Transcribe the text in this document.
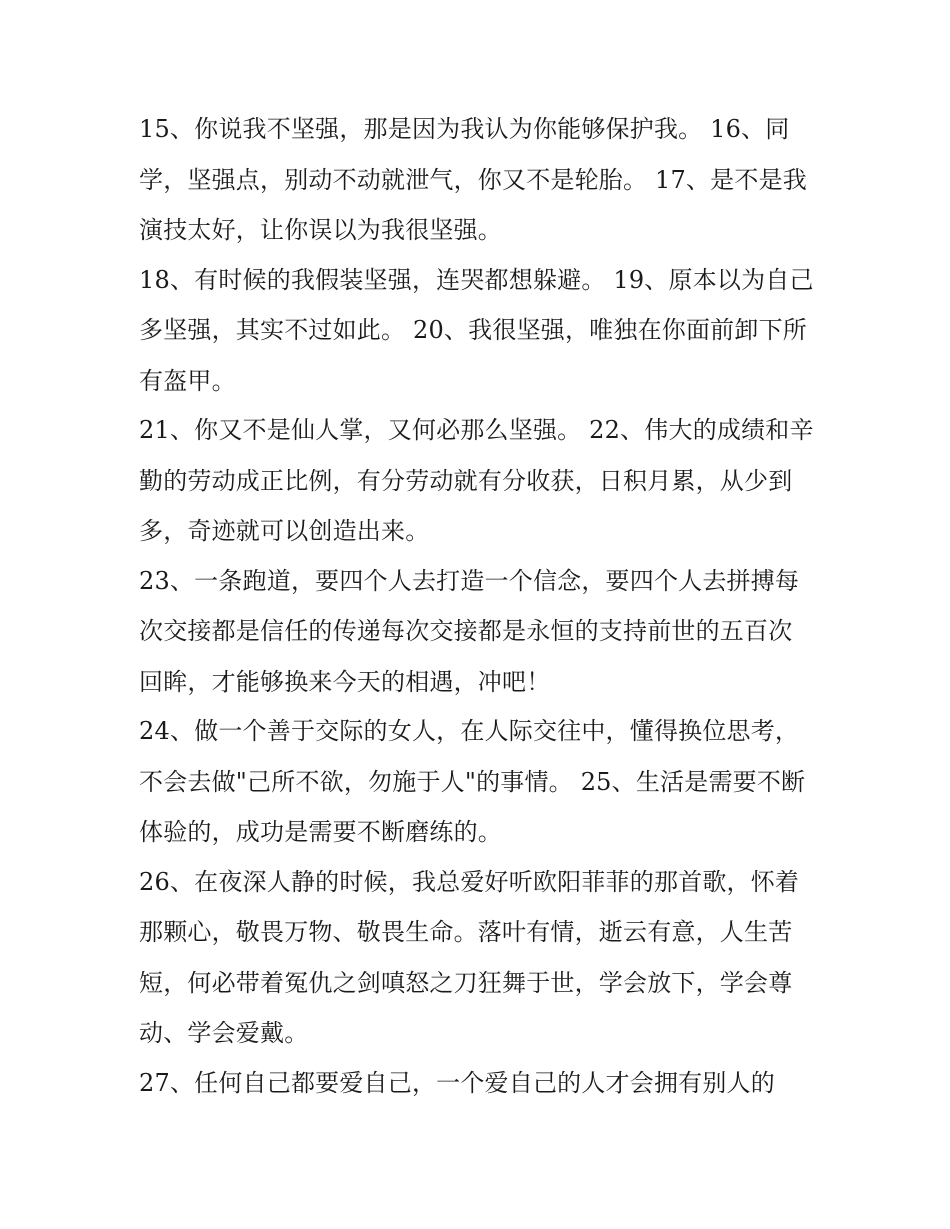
15、你说我不坚强，那是因为我认为你能够保护我。 16、同学，坚强点，别动不动就泄气，你又不是轮胎。 17、是不是我演技太好，让你误以为我很坚强。

18、有时候的我假装坚强，连哭都想躲避。 19、原本以为自己多坚强，其实不过如此。 20、我很坚强，唯独在你面前卸下所有盔甲。

21、你又不是仙人掌，又何必那么坚强。 22、伟大的成绩和辛勤的劳动成正比例，有分劳动就有分收获，日积月累，从少到多，奇迹就可以创造出来。

23、一条跑道，要四个人去打造一个信念，要四个人去拼搏每次交接都是信任的传递每次交接都是永恒的支持前世的五百次回眸，才能够换来今天的相遇，冲吧！

24、做一个善于交际的女人，在人际交往中，懂得换位思考，不会去做"己所不欲，勿施于人"的事情。 25、生活是需要不断体验的，成功是需要不断磨练的。

26、在夜深人静的时候，我总爱好听欧阳菲菲的那首歌，怀着那颗心，敬畏万物、敬畏生命。落叶有情，逝云有意，人生苦短，何必带着冤仇之剑嗔怒之刀狂舞于世，学会放下，学会尊动、学会爱戴。

27、任何自己都要爱自己，一个爱自己的人才会拥有别人的
